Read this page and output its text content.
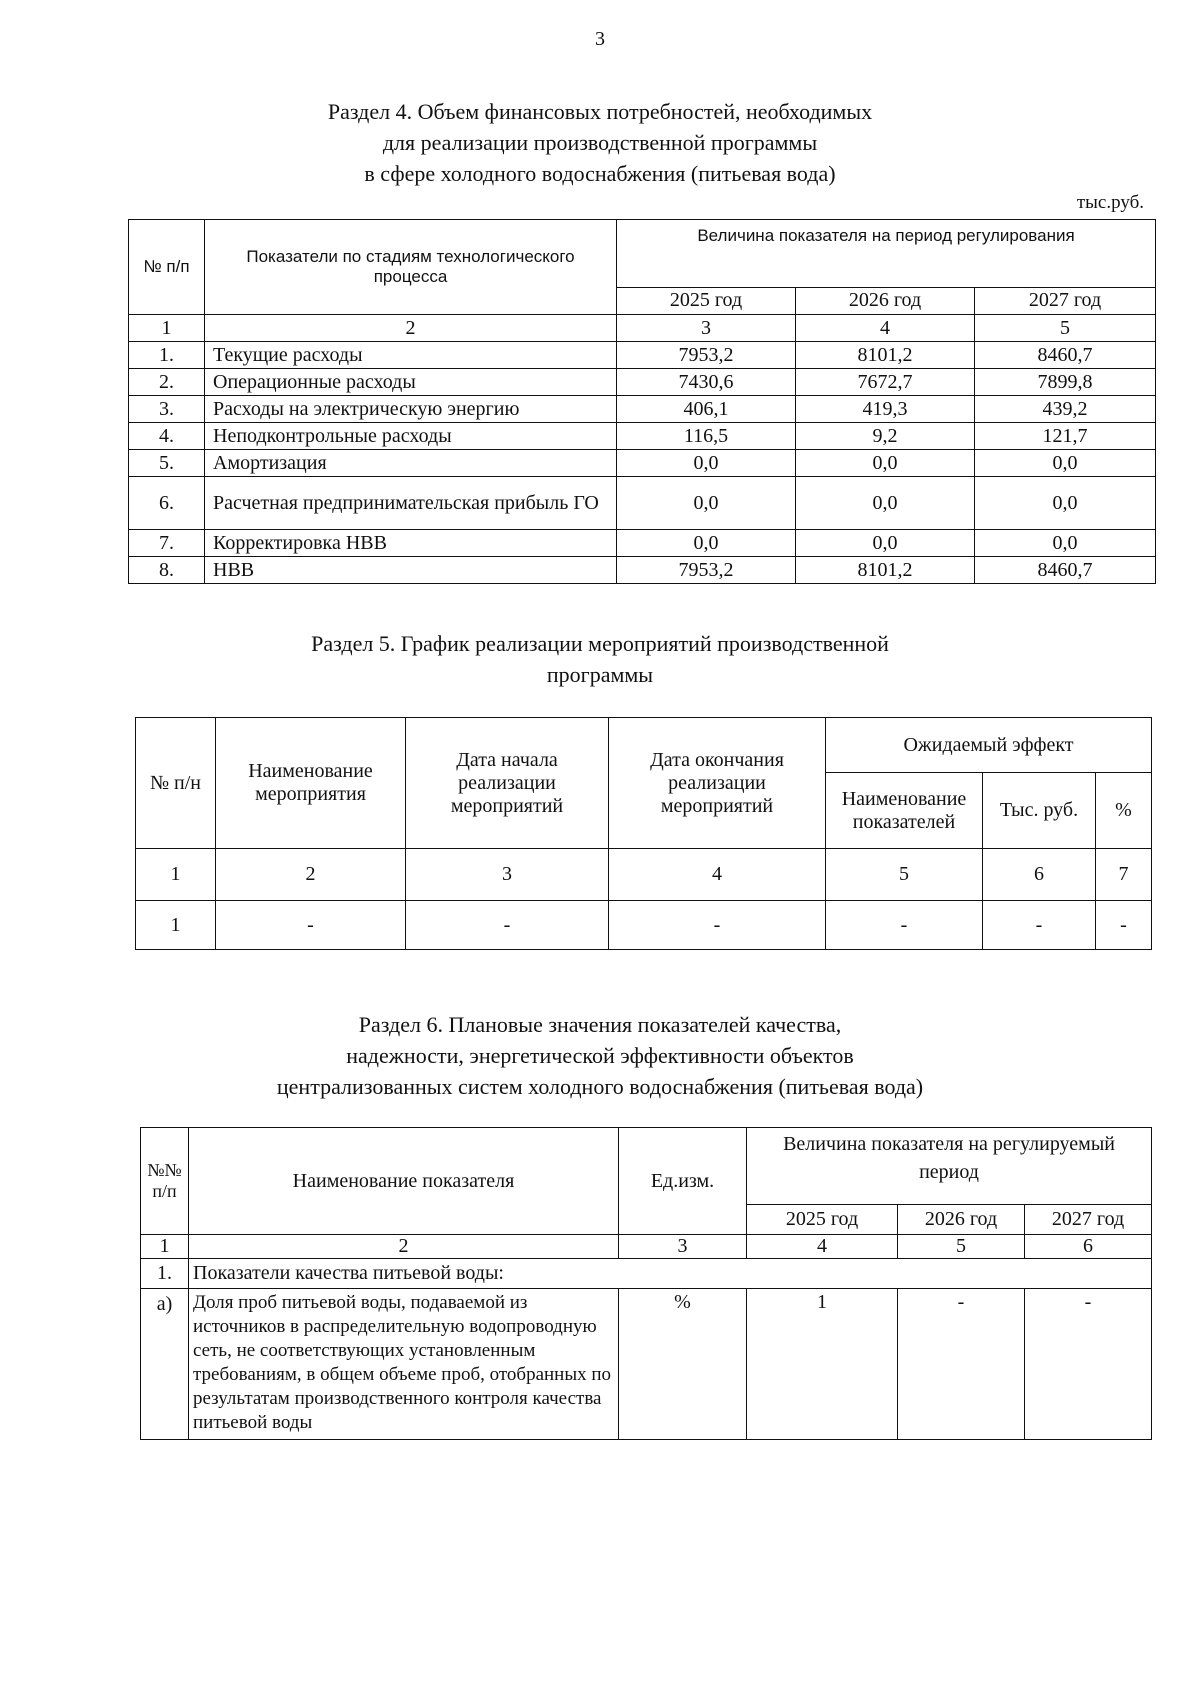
3
Раздел 4. Объем финансовых потребностей, необходимых
для реализации производственной программы
в сфере холодного водоснабжения (питьевая вода)
тыс.руб.
№ п/п	Показатели по стадиям технологического процесса	Величина показателя на период регулирования		
		2025 год	2026 год	2027 год
1	2	3	4	5
1.	Текущие расходы	7953,2	8101,2	8460,7
2.	Операционные расходы	7430,6	7672,7	7899,8
3.	Расходы на электрическую энергию	406,1	419,3	439,2
4.	Неподконтрольные расходы	116,5	9,2	121,7
5.	Амортизация	0,0	0,0	0,0
6.	Расчетная предпринимательская прибыль ГО	0,0	0,0	0,0
7.	Корректировка НВВ	0,0	0,0	0,0
8.	НВВ	7953,2	8101,2	8460,7
Раздел 5. График реализации мероприятий производственной
программы
№ п/н	Наименование мероприятия	Дата начала реализации мероприятий	Дата окончания реализации мероприятий	Ожидаемый эффект		
				Наименование показателей	Тыс. руб.	%
1	2	3	4	5	6	7
1	-	-	-	-	-	-
Раздел 6. Плановые значения показателей качества,
надежности, энергетической эффективности объектов
централизованных систем холодного водоснабжения (питьевая вода)
№№ п/п	Наименование показателя	Ед.изм.	Величина показателя на регулируемый период		
			2025 год	2026 год	2027 год
1	2	3	4	5	6
1.	Показатели качества питьевой воды:				
а)	Доля проб питьевой воды, подаваемой из источников в распределительную водопроводную сеть, не соответствующих установленным требованиям, в общем объеме проб, отобранных по результатам производственного контроля качества питьевой воды	%	1	-	-
